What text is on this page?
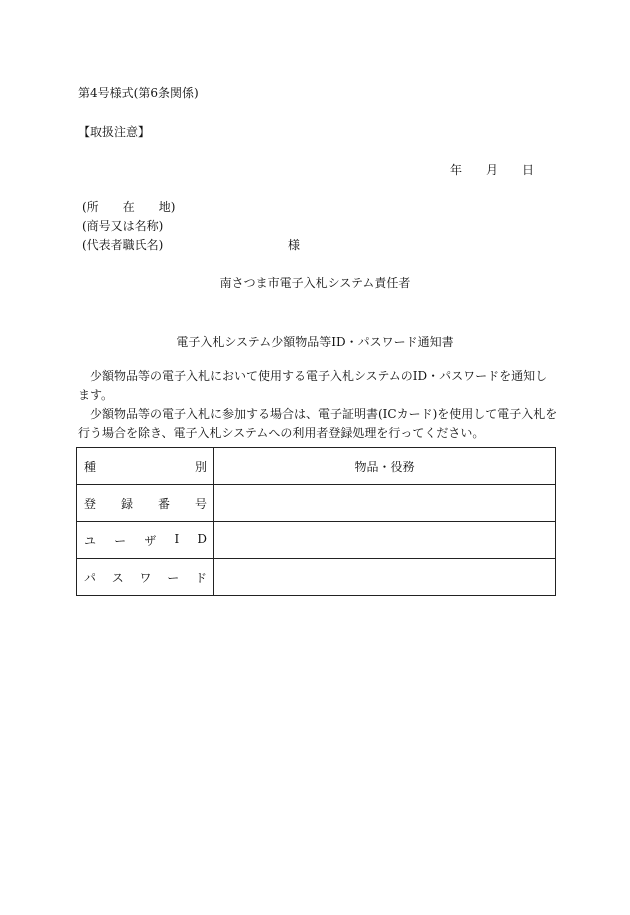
第4号様式(第6条関係)
【取扱注意】
年 月 日
(所 在 地)
(商号又は名称)
(代表者職氏名)	様
南さつま市電子入札システム責任者
電子入札システム少額物品等ID・パスワード通知書

少額物品等の電子入札において使用する電子入札システムのID・パスワードを通知します。

少額物品等の電子入札に参加する場合は、電子証明書(ICカード)を使用して電子入札を行う場合を除き、電子入札システムへの利用者登録処理を行ってください。

種 別	物品・役務

登 録 番 号	

ユ ー ザ I D	

パ ス ワ ー ド	
